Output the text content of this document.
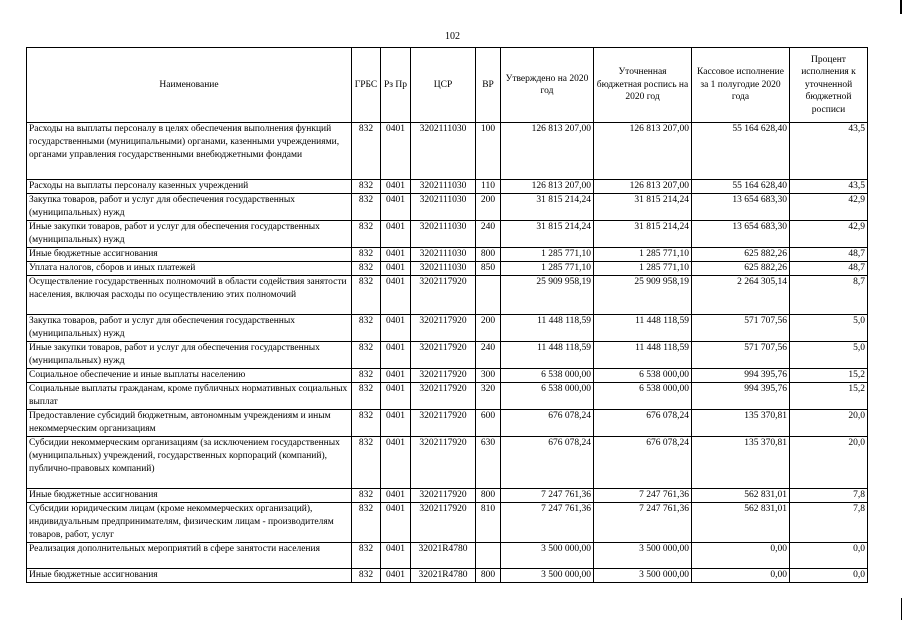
102
Наименование	ГРБС	Рз Пр	ЦСР	ВР	Утверждено на 2020 год	Уточненная бюджетная роспись на 2020 год	Кассовое исполнение за 1 полугодие 2020 года	Процент исполнения к уточненной бюджетной росписи
Расходы на выплаты персоналу в целях обеспечения выполнения функций государственными (муниципальными) органами, казенными учреждениями, органами управления государственными внебюджетными фондами	832	0401	3202111030	100	126 813 207,00	126 813 207,00	55 164 628,40	43,5
Расходы на выплаты персоналу казенных учреждений	832	0401	3202111030	110	126 813 207,00	126 813 207,00	55 164 628,40	43,5
Закупка товаров, работ и услуг для обеспечения государственных (муниципальных) нужд	832	0401	3202111030	200	31 815 214,24	31 815 214,24	13 654 683,30	42,9
Иные закупки товаров, работ и услуг для обеспечения государственных (муниципальных) нужд	832	0401	3202111030	240	31 815 214,24	31 815 214,24	13 654 683,30	42,9
Иные бюджетные ассигнования	832	0401	3202111030	800	1 285 771,10	1 285 771,10	625 882,26	48,7
Уплата налогов, сборов и иных платежей	832	0401	3202111030	850	1 285 771,10	1 285 771,10	625 882,26	48,7
Осуществление государственных полномочий в области содействия занятости населения, включая расходы по осуществлению этих полномочий	832	0401	3202117920		25 909 958,19	25 909 958,19	2 264 305,14	8,7
Закупка товаров, работ и услуг для обеспечения государственных (муниципальных) нужд	832	0401	3202117920	200	11 448 118,59	11 448 118,59	571 707,56	5,0
Иные закупки товаров, работ и услуг для обеспечения государственных (муниципальных) нужд	832	0401	3202117920	240	11 448 118,59	11 448 118,59	571 707,56	5,0
Социальное обеспечение и иные выплаты населению	832	0401	3202117920	300	6 538 000,00	6 538 000,00	994 395,76	15,2
Социальные выплаты гражданам, кроме публичных нормативных социальных выплат	832	0401	3202117920	320	6 538 000,00	6 538 000,00	994 395,76	15,2
Предоставление субсидий бюджетным, автономным учреждениям и иным некоммерческим организациям	832	0401	3202117920	600	676 078,24	676 078,24	135 370,81	20,0
Субсидии некоммерческим организациям (за исключением государственных (муниципальных) учреждений, государственных корпораций (компаний), публично-правовых компаний)	832	0401	3202117920	630	676 078,24	676 078,24	135 370,81	20,0
Иные бюджетные ассигнования	832	0401	3202117920	800	7 247 761,36	7 247 761,36	562 831,01	7,8
Субсидии юридическим лицам (кроме некоммерческих организаций), индивидуальным предпринимателям, физическим лицам - производителям товаров, работ, услуг	832	0401	3202117920	810	7 247 761,36	7 247 761,36	562 831,01	7,8
Реализация дополнительных мероприятий в сфере занятости населения	832	0401	32021R4780		3 500 000,00	3 500 000,00	0,00	0,0
Иные бюджетные ассигнования	832	0401	32021R4780	800	3 500 000,00	3 500 000,00	0,00	0,0
